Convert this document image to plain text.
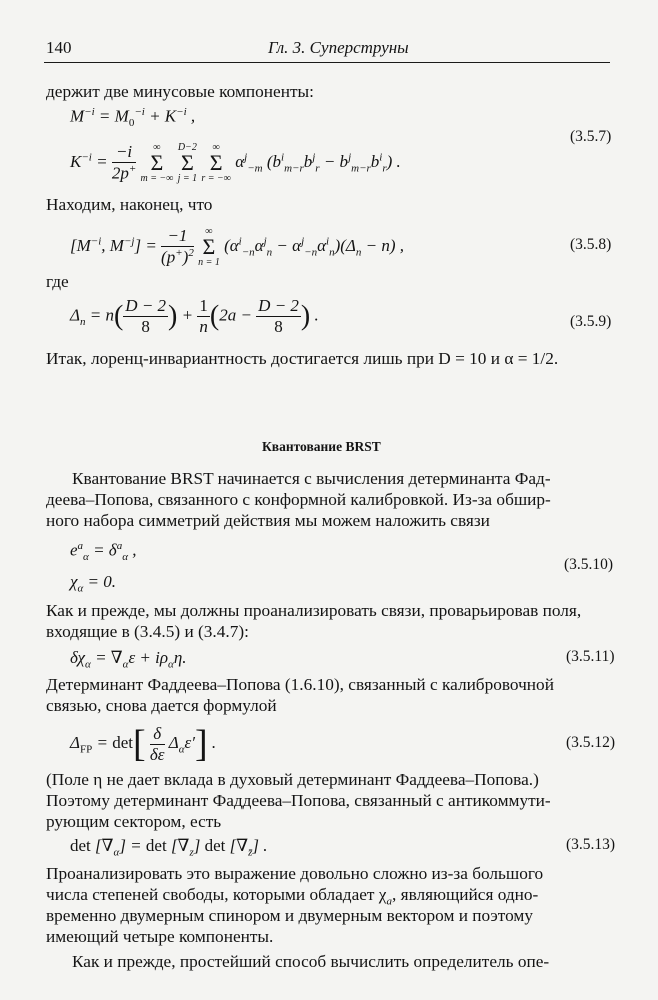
140	Гл. 3. Суперструны
держит две минусовые компоненты:
$M^{-i} = M_0^{-i} + K^{-i}$ ,
$K^{-i} = \frac{-i}{2p^+}$
	∞
Σ
m = −∞

D−2
Σ
j = 1

∞
Σ
r = −∞
$\alpha^j_{-m}$ $(b^i_{m-r}b^j_r - b^j_{m-r}b^i_r)$ .
(3.5.7)
Находим, наконец, что
[$M^{-i}$, $M^{-j}] = \frac{-1}{(p^+)^2}$
	∞
Σ
n = 1
$(\alpha^i_{-n}\alpha^j_n - \alpha^j_{-n}\alpha^i_n)(\Delta_n - n)$ ,	(3.5.8)
где
$\Delta_n = n( \frac{D - 2}{8}$ ) + $\frac{1}{n} (2a - \frac{D - 2}{8}$ ) .	(3.5.9)
Итак, лоренц-инвариантность достигается лишь при D = 10 и α = 1/2.
Квантование BRST
Квантование BRST начинается с вычисления детерминанта Фад-
деева–Попова, связанного с конформной калибровкой. Из-за обшир-
ного набора симметрий действия мы можем наложить связи
$e^a_\alpha = \delta^a_\alpha$ ,
$\chi_\alpha = 0$.
(3.5.10)
Как и прежде, мы должны проанализировать связи, проварьировав поля,
входящие в (3.4.5) и (3.4.7):
$\delta\chi_\alpha = \nabla_\alpha\varepsilon + i\rho_\alpha\eta$.	(3.5.11)
Детерминант Фаддеева–Попова (1.6.10), связанный с калибровочной
связью, снова дается формулой
$\Delta_{FP} = \det[ \frac{\delta}{\delta\varepsilon} \Delta_\alpha\varepsilon']$ .	(3.5.12)
(Поле η не дает вклада в духовый детерминант Фаддеева–Попова.)
Поэтому детерминант Фаддеева–Попова, связанный с антикоммути-
рующим сектором, есть
$\det [\nabla_\alpha] = \det [\nabla_z]$ $\det [\nabla_{z̄}]$ .	(3.5.13)
Проанализировать это выражение довольно сложно из-за большого
числа степеней свободы, которыми обладает $\chi_a$, являющийся одно-
временно двумерным спинором и двумерным вектором и поэтому
имеющий четыре компоненты.
Как и прежде, простейший способ вычислить определитель опе-
